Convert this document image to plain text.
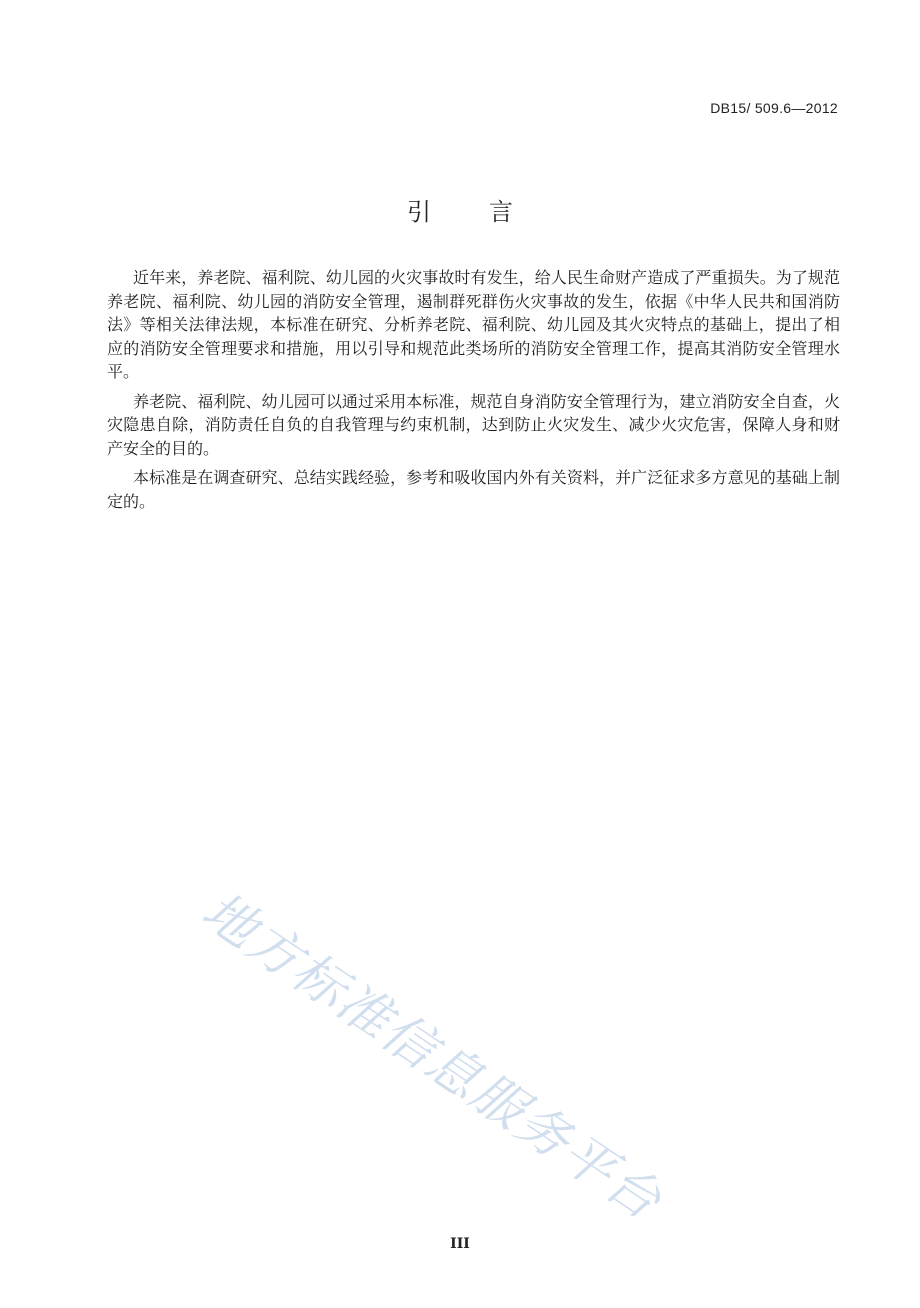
DB15/ 509.6—2012
引言

近年来，养老院、福利院、幼儿园的火灾事故时有发生，给人民生命财产造成了严重损失。为了规范养老院、福利院、幼儿园的消防安全管理，遏制群死群伤火灾事故的发生，依据《中华人民共和国消防法》等相关法律法规，本标准在研究、分析养老院、福利院、幼儿园及其火灾特点的基础上，提出了相应的消防安全管理要求和措施，用以引导和规范此类场所的消防安全管理工作，提高其消防安全管理水平。

养老院、福利院、幼儿园可以通过采用本标准，规范自身消防安全管理行为，建立消防安全自查，火灾隐患自除，消防责任自负的自我管理与约束机制，达到防止火灾发生、减少火灾危害，保障人身和财产安全的目的。

本标准是在调查研究、总结实践经验，参考和吸收国内外有关资料，并广泛征求多方意见的基础上制定的。

地方标准信息服务平台
III
